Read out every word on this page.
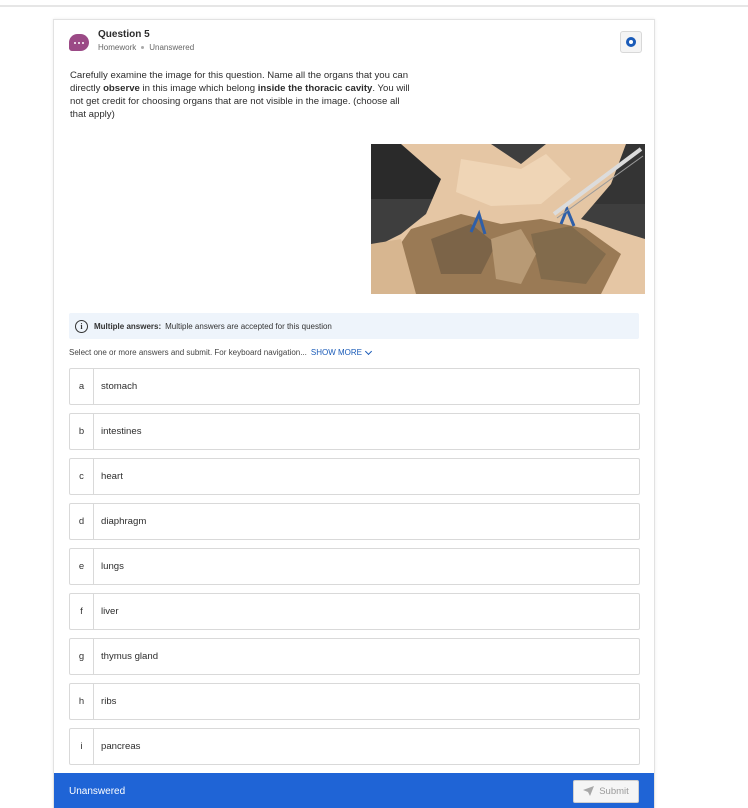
Question 5
Homework Unanswered
Carefully examine the image for this question. Name all the organs that you can directly observe in this image which belong inside the thoracic cavity. You will not get credit for choosing organs that are not visible in the image. (choose all that apply)
i	Multiple answers: Multiple answers are accepted for this question
Select one or more answers and submit. For keyboard navigation... SHOW MORE
a	stomach
b	intestines
c	heart
d	diaphragm
e	lungs
f	liver
g	thymus gland
h	ribs
i	pancreas
Unanswered	Submit
